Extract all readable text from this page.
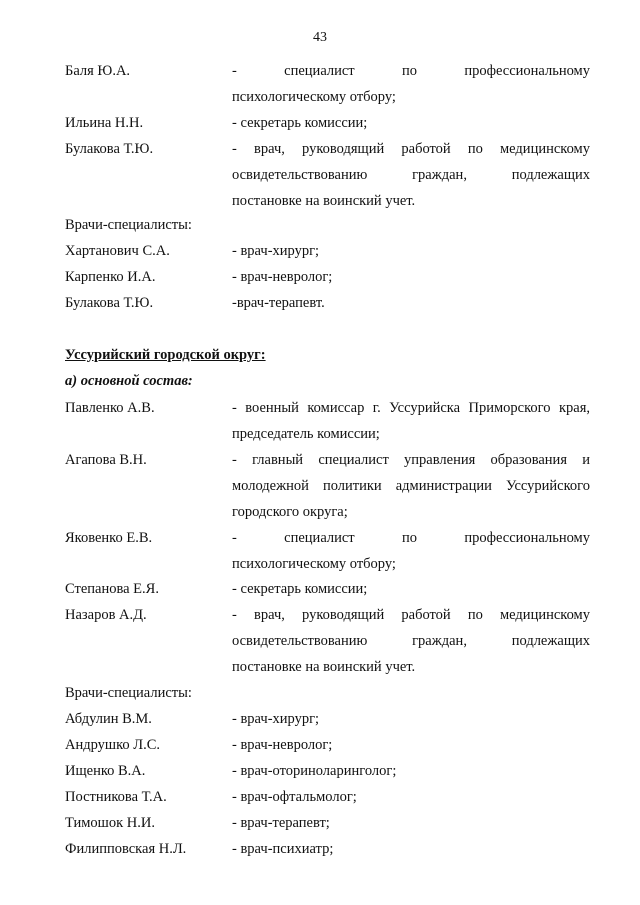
43
Баля Ю.А.	- специалист по профессиональному
психологическому отбору;
Ильина Н.Н.	- секретарь комиссии;
Булакова Т.Ю.	- врач, руководящий работой по медицинскому
освидетельствованию граждан, подлежащих
постановке на воинский учет.
Врачи-специалисты:
Хартанович С.А.	- врач-хирург;
Карпенко И.А.	- врач-невролог;
Булакова Т.Ю.	-врач-терапевт.
Уссурийский городской округ:
а) основной состав:
Павленко А.В.	- военный комиссар г. Уссурийска Приморского края,
председатель комиссии;
Агапова В.Н.	- главный специалист управления образования и
молодежной политики администрации Уссурийского
городского округа;
Яковенко Е.В.	- специалист по профессиональному
психологическому отбору;
Степанова Е.Я.	- секретарь комиссии;
Назаров А.Д.	- врач, руководящий работой по медицинскому
освидетельствованию граждан, подлежащих
постановке на воинский учет.
Врачи-специалисты:
Абдулин В.М.	- врач-хирург;
Андрушко Л.С.	- врач-невролог;
Ищенко В.А.	- врач-оториноларинголог;
Постникова Т.А.	- врач-офтальмолог;
Тимошок Н.И.	- врач-терапевт;
Филипповская Н.Л.	- врач-психиатр;
